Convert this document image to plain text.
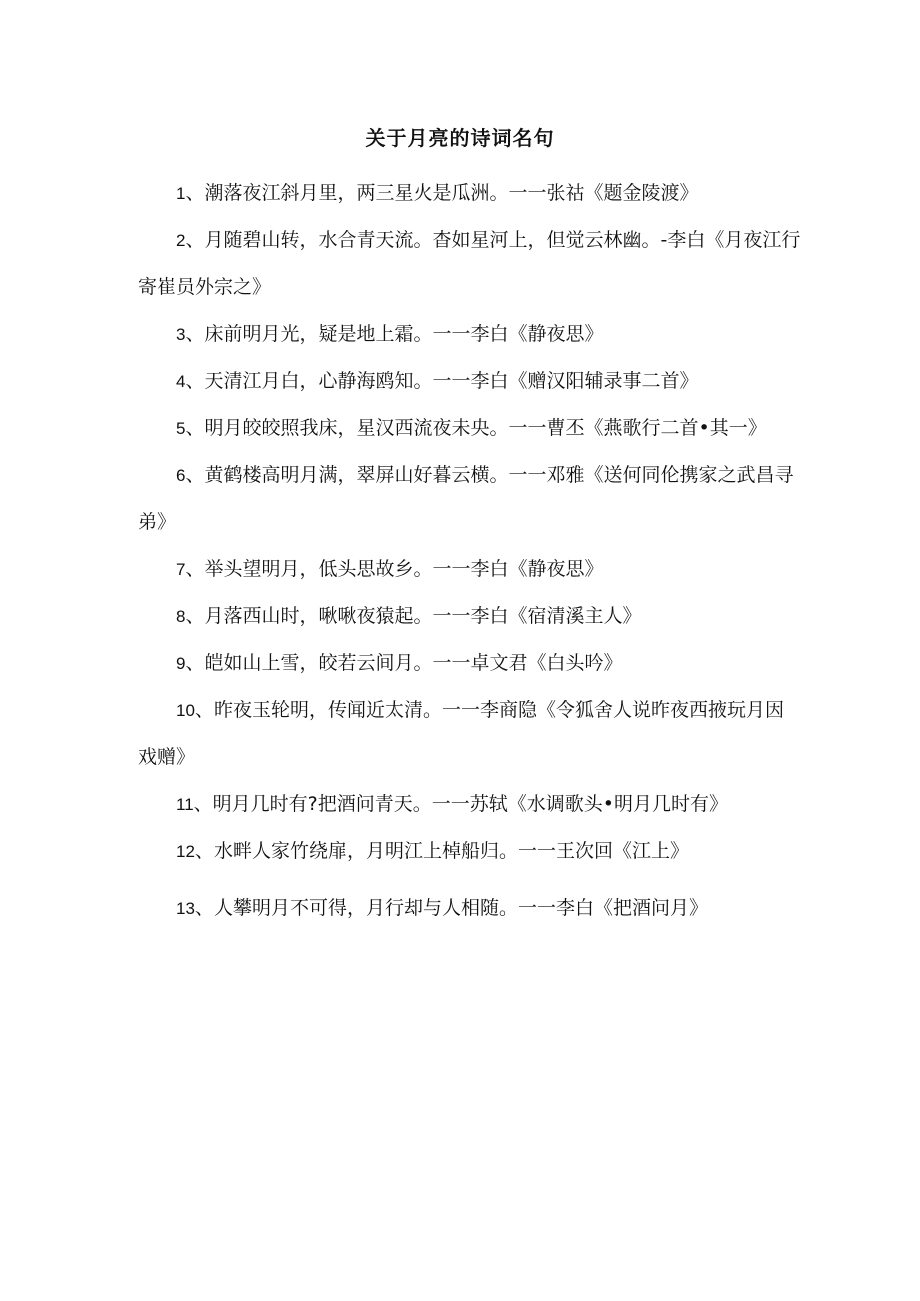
关于月亮的诗词名句

1、潮落夜江斜月里，两三星火是瓜洲。一一张祜《题金陵渡》

2、月随碧山转，水合青天流。杳如星河上，但觉云林幽。-李白《月夜江行寄崔员外宗之》

3、床前明月光，疑是地上霜。一一李白《静夜思》

4、天清江月白，心静海鸥知。一一李白《赠汉阳辅录事二首》

5、明月皎皎照我床，星汉西流夜未央。一一曹丕《燕歌行二首•其一》

6、黄鹤楼高明月满，翠屏山好暮云横。一一邓雅《送何同伦携家之武昌寻弟》

7、举头望明月，低头思故乡。一一李白《静夜思》

8、月落西山时，啾啾夜猿起。一一李白《宿清溪主人》

9、皑如山上雪，皎若云间月。一一卓文君《白头吟》

10、昨夜玉轮明，传闻近太清。一一李商隐《令狐舍人说昨夜西掖玩月因戏赠》

11、明月几时有?把酒问青天。一一苏轼《水调歌头•明月几时有》

12、水畔人家竹绕扉，月明江上棹船归。一一王次回《江上》

13、人攀明月不可得，月行却与人相随。一一李白《把酒问月》
